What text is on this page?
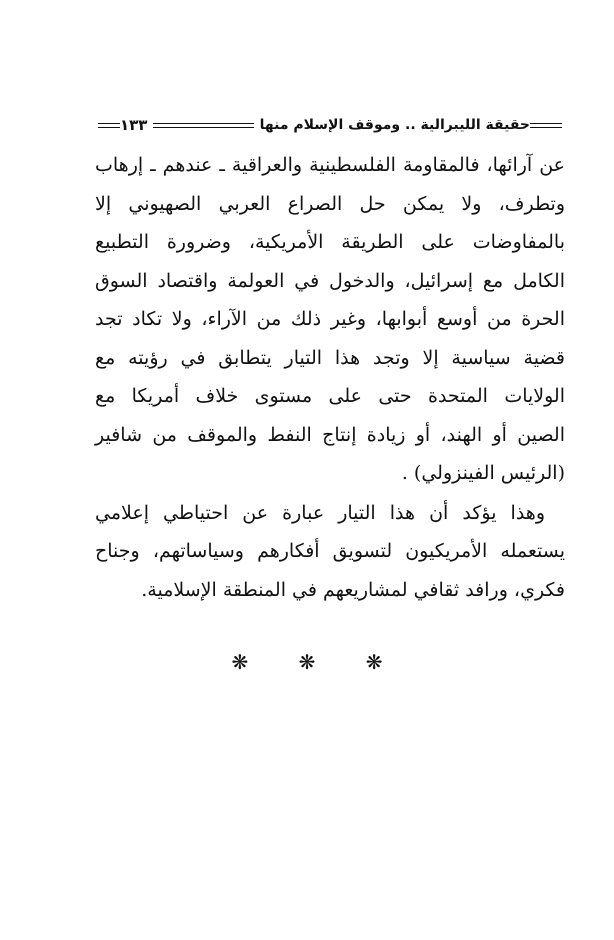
حقيقة الليبرالية .. وموقف الإسلام منها
١٣٣
عن آرائها، فالمقاومة الفلسطينية والعراقية ـ عندهم ـ إرهاب
وتطرف، ولا يمكن حل الصراع العربي الصهيوني إلا
بالمفاوضات على الطريقة الأمريكية، وضرورة التطبيع
الكامل مع إسرائيل، والدخول في العولمة واقتصاد السوق
الحرة من أوسع أبوابها، وغير ذلك من الآراء، ولا تكاد تجد
قضية سياسية إلا وتجد هذا التيار يتطابق في رؤيته مع
الولايات المتحدة حتى على مستوى خلاف أمريكا مع
الصين أو الهند، أو زيادة إنتاج النفط والموقف من شافير
(الرئيس الفينزولي) .
وهذا يؤكد أن هذا التيار عبارة عن احتياطي إعلامي
يستعمله الأمريكيون لتسويق أفكارهم وسياساتهم، وجناح
فكري، ورافد ثقافي لمشاريعهم في المنطقة الإسلامية.
❋ ❋ ❋
